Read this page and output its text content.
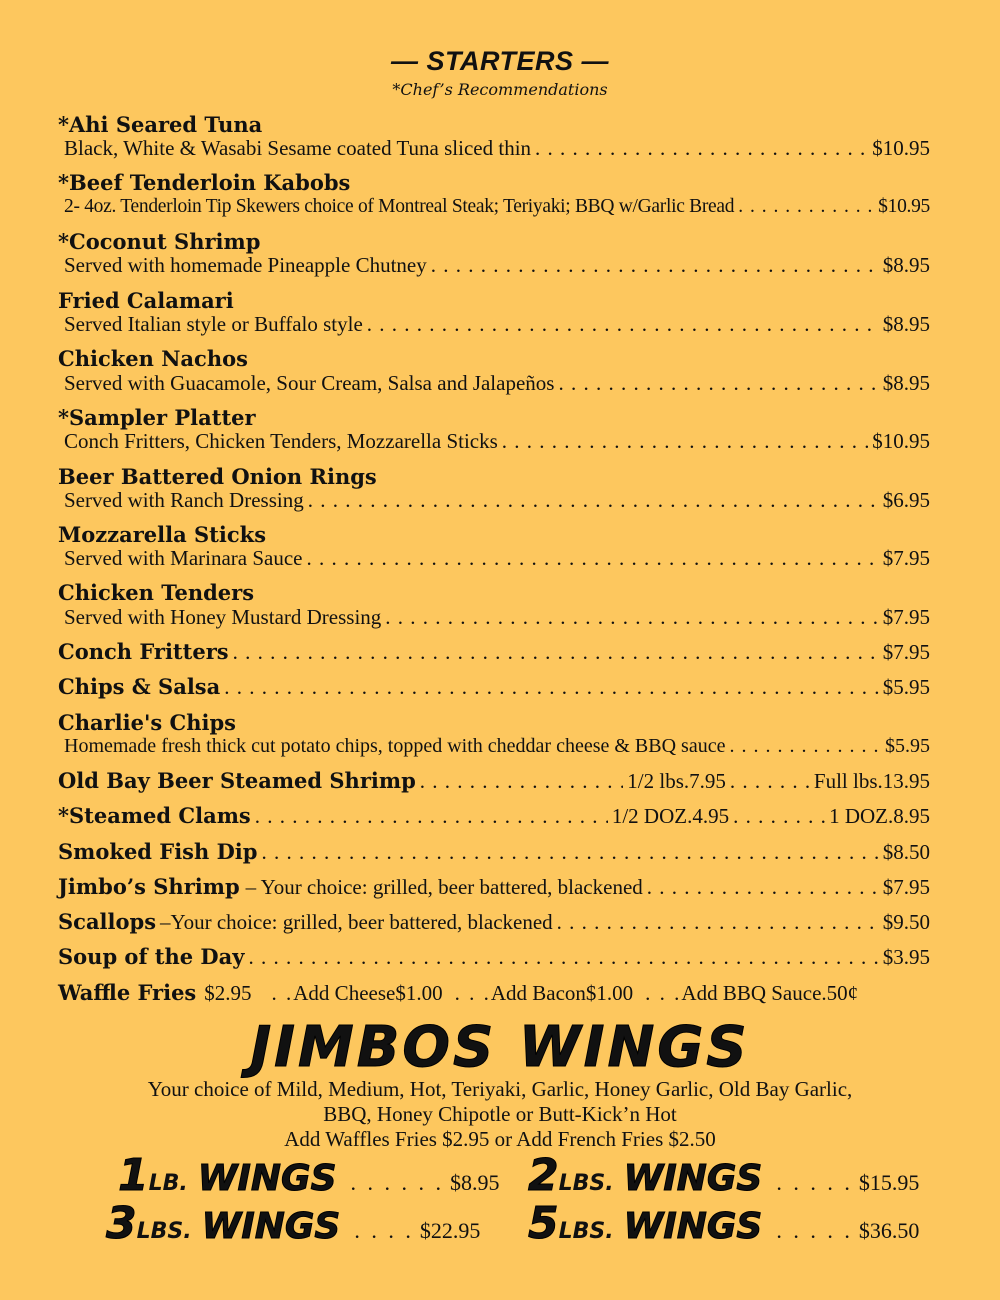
— STARTERS —
*Chef’s Recommendations
*Ahi Seared Tuna
Black, White & Wasabi Sesame coated Tuna sliced thin . . .	$10.95
*Beef Tenderloin Kabobs
2- 4oz. Tenderloin Tip Skewers choice of Montreal Steak; Teriyaki; BBQ w/Garlic Bread . . .	$10.95
*Coconut Shrimp
Served with homemade Pineapple Chutney . . .	$8.95
Fried Calamari
Served Italian style or Buffalo style . . .	$8.95
Chicken Nachos
Served with Guacamole, Sour Cream, Salsa and Jalapeños . . .	$8.95
*Sampler Platter
Conch Fritters, Chicken Tenders, Mozzarella Sticks . . .	$10.95
Beer Battered Onion Rings
Served with Ranch Dressing . . .	$6.95
Mozzarella Sticks
Served with Marinara Sauce . . .	$7.95
Chicken Tenders
Served with Honey Mustard Dressing . . .	$7.95
Conch Fritters . . .	$7.95
Chips & Salsa . . .	$5.95
Charlie's Chips
Homemade fresh thick cut potato chips, topped with cheddar cheese & BBQ sauce . . .	$5.95
Old Bay Beer Steamed Shrimp . . .	1/2 lbs.7.95 . . .	Full lbs.13.95
*Steamed Clams . . .	1/2 DOZ.4.95 . . .	1 DOZ.8.95
Smoked Fish Dip . . .	$8.50
Jimbo’s Shrimp – Your choice: grilled, beer battered, blackened . . .	$7.95
Scallops –Your choice: grilled, beer battered, blackened . . .	$9.50
Soup of the Day . . .	$3.95
Waffle Fries $2.95 . . Add Cheese$1.00 . . . Add Bacon$1.00 . . . Add BBQ Sauce.50¢
JIMBOS WINGS
Your choice of Mild, Medium, Hot, Teriyaki, Garlic, Honey Garlic, Old Bay Garlic,
BBQ, Honey Chipotle or Butt-Kick’n Hot
Add Waffles Fries $2.95 or Add French Fries $2.50
1 LB. WINGS . . . . . . $8.95 2 LBS. WINGS . . . . . $15.95
3 LBS. WINGS . . . . $22.95 5 LBS. WINGS . . . . . $36.50
